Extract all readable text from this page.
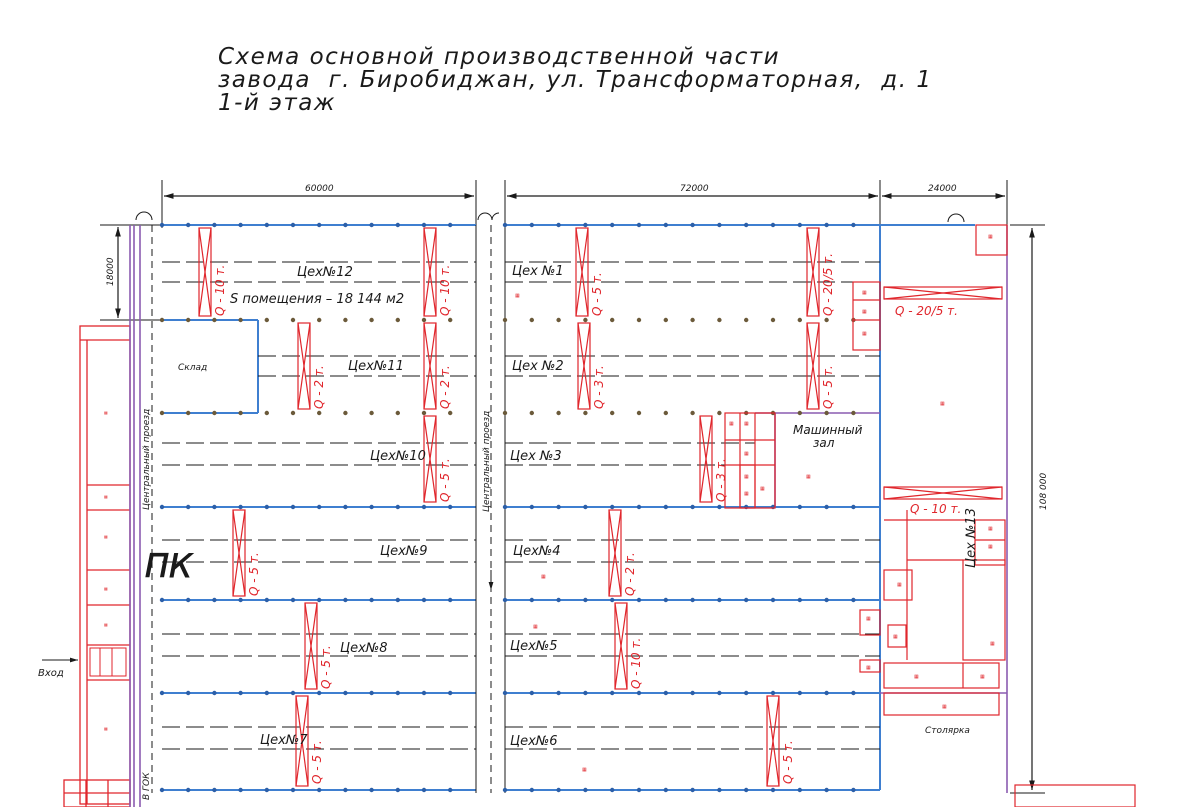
Схема основной производственной части
завода  г. Биробиджан, ул. Трансформаторная,  д. 1
1-й этаж
60000	72000	24000
18000
108 000
▦
▦
▦
▦
▦
▦
▦
▦
▦
▦
▦
▦
▦ ▦
▦
▦
▦
▦
▦
▦
▦
▦
▦
▦
▦
▦
▦	▦
▦
▦
▦
▦
Цех№12
Цех№11
Цех№10
Цех№9
Цех№8
Цех№7
Цех №1
Цех №2
Цех №3
Цех№4
Цех№5
Цех№6
Цех №13
S помещения – 18 144 м2
Склад
Машинный
зал
Столярка
Центральный проезд	Центральный проезд
ПК
В ГОК
Вход
Q - 10 т.	Q - 10 т.
Q - 2 т.	Q - 2 т.
Q - 5 т.
Q - 5 т.
Q - 5 т.
Q - 5 т.
Q - 5 т.	Q - 20/5 т.
Q - 3 т.	Q - 5 т.
Q - 3 т.
Q - 2 т.
Q - 10 т.
Q - 5 т.
Q - 20/5 т.
Q - 10 т.
